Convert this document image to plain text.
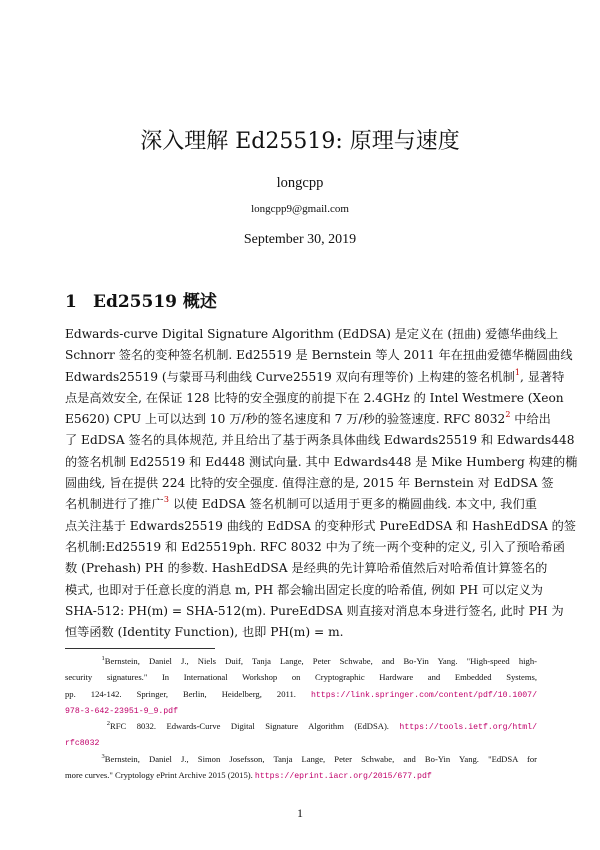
深入理解 Ed25519: 原理与速度
longcpp
longcpp9@gmail.com
September 30, 2019
1 Ed25519 概述
Edwards-curve Digital Signature Algorithm (EdDSA) 是定义在 (扭曲) 爱德华曲线上
Schnorr 签名的变种签名机制. Ed25519 是 Bernstein 等人 2011 年在扭曲爱德华椭圆曲线
Edwards25519 (与蒙哥马利曲线 Curve25519 双向有理等价) 上构建的签名机制$^1$, 显著特
点是高效安全, 在保证 128 比特的安全强度的前提下在 2.4GHz 的 Intel Westmere (Xeon
E5620) CPU 上可以达到 10 万/秒的签名速度和 7 万/秒的验签速度. RFC 8032$^2$ 中给出
了 EdDSA 签名的具体规范, 并且给出了基于两条具体曲线 Edwards25519 和 Edwards448
的签名机制 Ed25519 和 Ed448 测试向量. 其中 Edwards448 是 Mike Humberg 构建的椭
圆曲线, 旨在提供 224 比特的安全强度. 值得注意的是, 2015 年 Bernstein 对 EdDSA 签
名机制进行了推广$^3$ 以使 EdDSA 签名机制可以适用于更多的椭圆曲线. 本文中, 我们重
点关注基于 Edwards25519 曲线的 EdDSA 的变种形式 PureEdDSA 和 HashEdDSA 的签
名机制:Ed25519 和 Ed25519ph. RFC 8032 中为了统一两个变种的定义, 引入了预哈希函
数 (Prehash) PH 的参数. HashEdDSA 是经典的先计算哈希值然后对哈希值计算签名的
模式, 也即对于任意长度的消息 m, PH 都会输出固定长度的哈希值, 例如 PH 可以定义为
SHA-512: PH(m) = SHA-512(m). PureEdDSA 则直接对消息本身进行签名, 此时 PH 为
恒等函数 (Identity Function), 也即 PH(m) = m.
$^1$Bernstein, Daniel J., Niels Duif, Tanja Lange, Peter Schwabe, and Bo-Yin Yang. "High-speed high-
security signatures." In International Workshop on Cryptographic Hardware and Embedded Systems,
pp. 124-142. Springer, Berlin, Heidelberg, 2011. https://link.springer.com/content/pdf/10.1007/
978-3-642-23951-9_9.pdf
$^2$RFC 8032. Edwards-Curve Digital Signature Algorithm (EdDSA). https://tools.ietf.org/html/
rfc8032
$^3$Bernstein, Daniel J., Simon Josefsson, Tanja Lange, Peter Schwabe, and Bo-Yin Yang. "EdDSA for
more curves." Cryptology ePrint Archive 2015 (2015). https://eprint.iacr.org/2015/677.pdf
1
